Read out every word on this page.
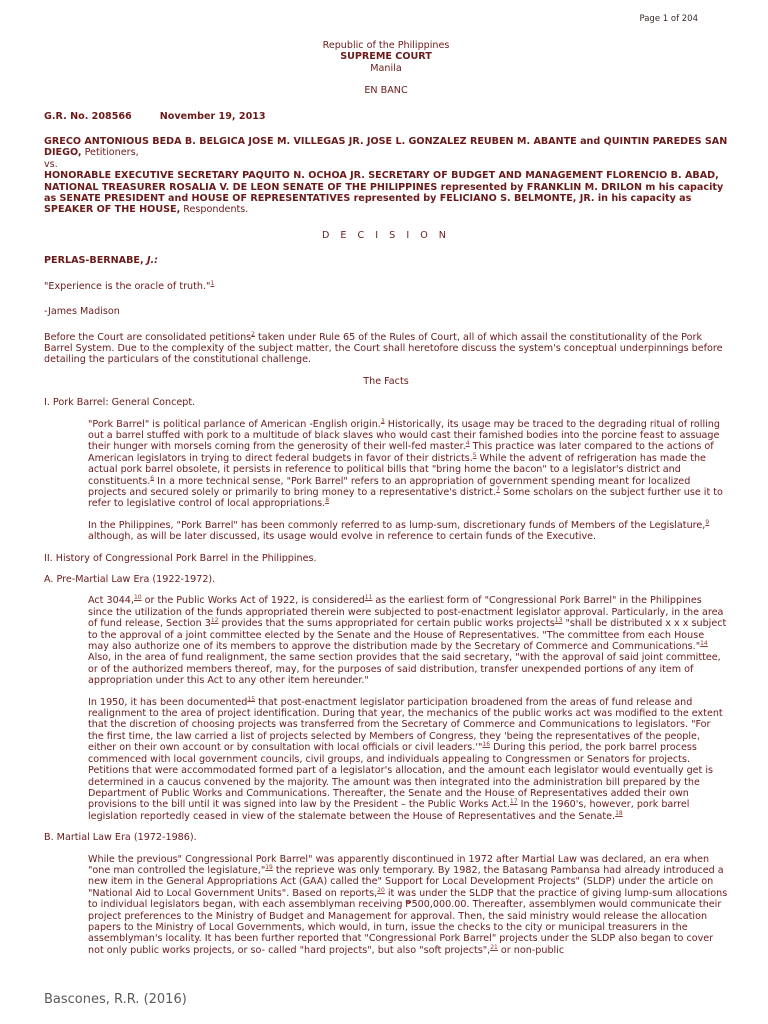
Page 1 of 204
Republic of the Philippines
SUPREME COURT
Manila
EN BANC
G.R. No. 208566	November 19, 2013
GRECO ANTONIOUS BEDA B. BELGICA JOSE M. VILLEGAS JR. JOSE L. GONZALEZ REUBEN M. ABANTE and QUINTIN PAREDES SAN DIEGO, Petitioners,
vs.
HONORABLE EXECUTIVE SECRETARY PAQUITO N. OCHOA JR. SECRETARY OF BUDGET AND MANAGEMENT FLORENCIO B. ABAD, NATIONAL TREASURER ROSALIA V. DE LEON SENATE OF THE PHILIPPINES represented by FRANKLIN M. DRILON m his capacity as SENATE PRESIDENT and HOUSE OF REPRESENTATIVES represented by FELICIANO S. BELMONTE, JR. in his capacity as SPEAKER OF THE HOUSE, Respondents.
D E C I S I O N
PERLAS-BERNABE, J.:
"Experience is the oracle of truth."$^1$
-James Madison
Before the Court are consolidated petitions$^2$ taken under Rule 65 of the Rules of Court, all of which assail the constitutionality of the Pork Barrel System. Due to the complexity of the subject matter, the Court shall heretofore discuss the system's conceptual underpinnings before detailing the particulars of the constitutional challenge.
The Facts
I. Pork Barrel: General Concept.
"Pork Barrel" is political parlance of American -English origin.$^3$ Historically, its usage may be traced to the degrading ritual of rolling out a barrel stuffed with pork to a multitude of black slaves who would cast their famished bodies into the porcine feast to assuage their hunger with morsels coming from the generosity of their well-fed master.$^4$ This practice was later compared to the actions of American legislators in trying to direct federal budgets in favor of their districts.$^5$ While the advent of refrigeration has made the actual pork barrel obsolete, it persists in reference to political bills that "bring home the bacon" to a legislator's district and constituents.$^6$ In a more technical sense, "Pork Barrel" refers to an appropriation of government spending meant for localized projects and secured solely or primarily to bring money to a representative's district.$^7$ Some scholars on the subject further use it to refer to legislative control of local appropriations.$^8$
In the Philippines, "Pork Barrel" has been commonly referred to as lump-sum, discretionary funds of Members of the Legislature,$^9$ although, as will be later discussed, its usage would evolve in reference to certain funds of the Executive.
II. History of Congressional Pork Barrel in the Philippines.
A. Pre-Martial Law Era (1922-1972).
Act 3044,10 or the Public Works Act of 1922, is considered$^{11}$ as the earliest form of "Congressional Pork Barrel" in the Philippines since the utilization of the funds appropriated therein were subjected to post-enactment legislator approval. Particularly, in the area of fund release, Section $3^{12}$ provides that the sums appropriated for certain public works projects$^{13}$ "shall be distributed x x x subject to the approval of a joint committee elected by the Senate and the House of Representatives. "The committee from each House may also authorize one of its members to approve the distribution made by the Secretary of Commerce and Communications."$^{14}$ Also, in the area of fund realignment, the same section provides that the said secretary, "with the approval of said joint committee, or of the authorized members thereof, may, for the purposes of said distribution, transfer unexpended portions of any item of appropriation under this Act to any other item hereunder."
In 1950, it has been documented$^{15}$ that post-enactment legislator participation broadened from the areas of fund release and realignment to the area of project identification. During that year, the mechanics of the public works act was modified to the extent that the discretion of choosing projects was transferred from the Secretary of Commerce and Communications to legislators. "For the first time, the law carried a list of projects selected by Members of Congress, they 'being the representatives of the people, either on their own account or by consultation with local officials or civil leaders.'"$^{16}$ During this period, the pork barrel process commenced with local government councils, civil groups, and individuals appealing to Congressmen or Senators for projects. Petitions that were accommodated formed part of a legislator's allocation, and the amount each legislator would eventually get is determined in a caucus convened by the majority. The amount was then integrated into the administration bill prepared by the Department of Public Works and Communications. Thereafter, the Senate and the House of Representatives added their own provisions to the bill until it was signed into law by the President – the Public Works Act.$^{17}$ In the 1960's, however, pork barrel legislation reportedly ceased in view of the stalemate between the House of Representatives and the Senate.$^{18}$
B. Martial Law Era (1972-1986).
While the previous" Congressional Pork Barrel" was apparently discontinued in 1972 after Martial Law was declared, an era when "one man controlled the legislature,"$^{19}$ the reprieve was only temporary. By 1982, the Batasang Pambansa had already introduced a new item in the General Appropriations Act (GAA) called the" Support for Local Development Projects" (SLDP) under the article on "National Aid to Local Government Units". Based on reports,$^{20}$ it was under the SLDP that the practice of giving lump-sum allocations to individual legislators began, with each assemblyman receiving ₱500,000.00. Thereafter, assemblymen would communicate their project preferences to the Ministry of Budget and Management for approval. Then, the said ministry would release the allocation papers to the Ministry of Local Governments, which would, in turn, issue the checks to the city or municipal treasurers in the assemblyman's locality. It has been further reported that "Congressional Pork Barrel" projects under the SLDP also began to cover not only public works projects, or so- called "hard projects", but also "soft projects",$^{21}$ or non-public
Bascones, R.R. (2016)
